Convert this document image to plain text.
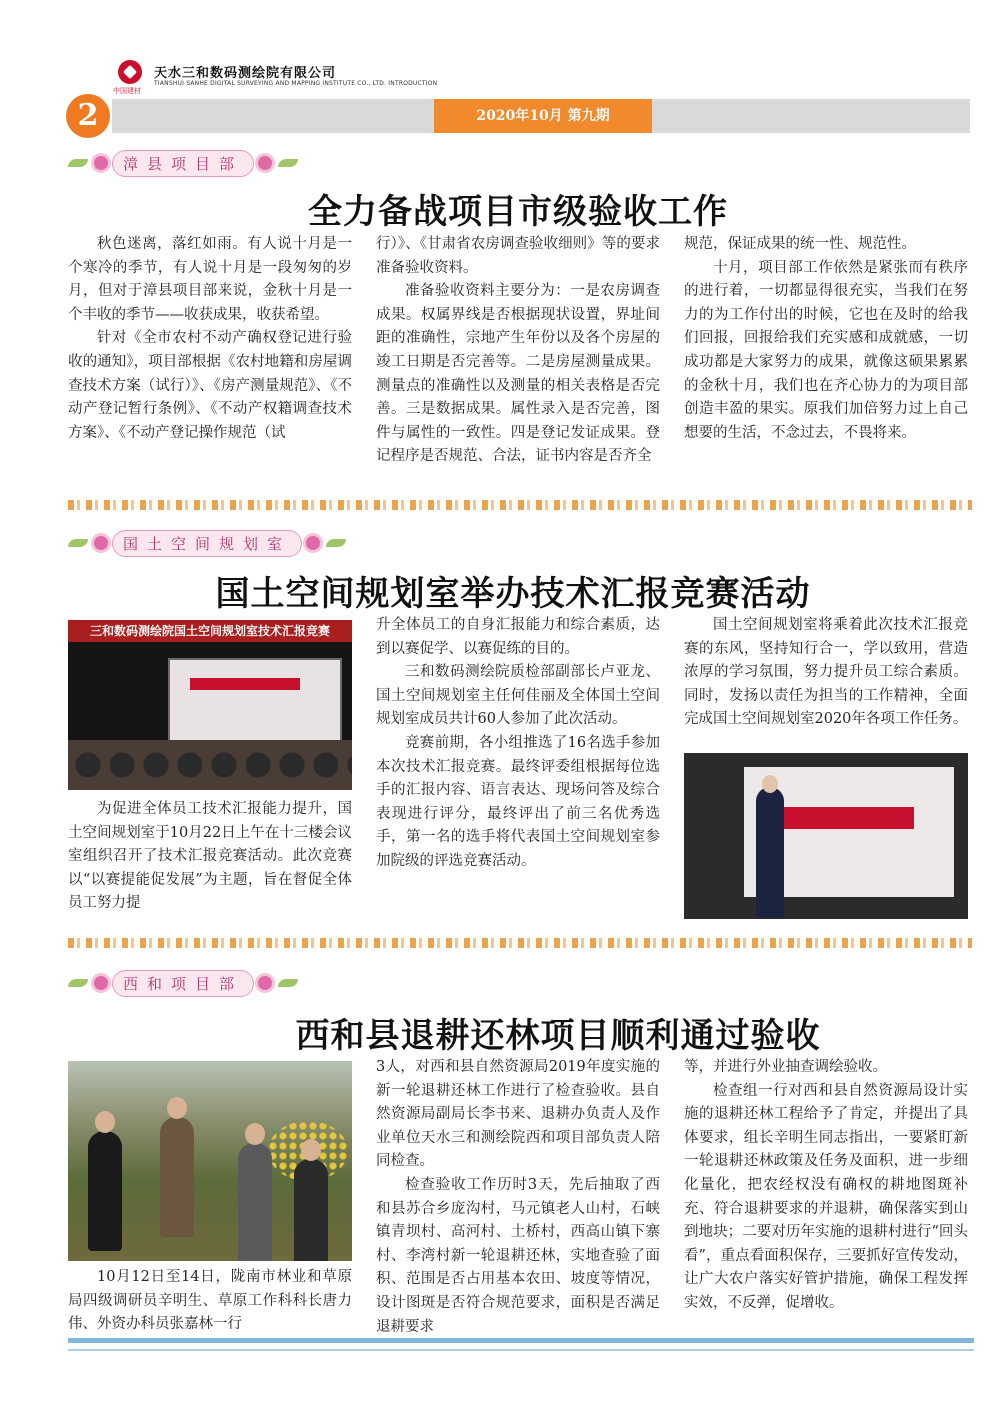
中国建材
天水三和数码测绘院有限公司
TIANSHUI SANHE DIGITAL SURVEYING AND MAPPING INSTITUTE CO., LTD. INTRODUCTION
2	2020年10月 第九期
漳县项目部
全力备战项目市级验收工作

秋色迷离，落红如雨。有人说十月是一个寒冷的季节，有人说十月是一段匆匆的岁月，但对于漳县项目部来说，金秋十月是一个丰收的季节——收获成果，收获希望。

针对《全市农村不动产确权登记进行验收的通知》，项目部根据《农村地籍和房屋调查技术方案（试行）》、《房产测量规范》、《不动产登记暂行条例》、《不动产权籍调查技术方案》、《不动产登记操作规范（试

行）》、《甘肃省农房调查验收细则》等的要求准备验收资料。

准备验收资料主要分为：一是农房调查成果。权属界线是否根据现状设置，界址间距的准确性，宗地产生年份以及各个房屋的竣工日期是否完善等。二是房屋测量成果。测量点的准确性以及测量的相关表格是否完善。三是数据成果。属性录入是否完善，图件与属性的一致性。四是登记发证成果。登记程序是否规范、合法，证书内容是否齐全

规范，保证成果的统一性、规范性。

十月，项目部工作依然是紧张而有秩序的进行着，一切都显得很充实，当我们在努力的为工作付出的时候，它也在及时的给我们回报，回报给我们充实感和成就感，一切成功都是大家努力的成果，就像这硕果累累的金秋十月，我们也在齐心协力的为项目部创造丰盈的果实。原我们加倍努力过上自己想要的生活，不念过去，不畏将来。

国土空间规划室
国土空间规划室举办技术汇报竞赛活动
三和数码测绘院国土空间规划室技术汇报竞赛

为促进全体员工技术汇报能力提升，国土空间规划室于10月22日上午在十三楼会议室组织召开了技术汇报竞赛活动。此次竞赛以“以赛提能促发展”为主题，旨在督促全体员工努力提

升全体员工的自身汇报能力和综合素质，达到以赛促学、以赛促练的目的。

三和数码测绘院质检部副部长卢亚龙、国土空间规划室主任何佳丽及全体国土空间规划室成员共计60人参加了此次活动。

竞赛前期，各小组推选了16名选手参加本次技术汇报竞赛。最终评委组根据每位选手的汇报内容、语言表达、现场问答及综合表现进行评分，最终评出了前三名优秀选手，第一名的选手将代表国土空间规划室参加院级的评选竞赛活动。

国土空间规划室将乘着此次技术汇报竞赛的东风，坚持知行合一，学以致用，营造浓厚的学习氛围，努力提升员工综合素质。同时，发扬以责任为担当的工作精神，全面完成国土空间规划室2020年各项工作任务。

西和项目部
西和县退耕还林项目顺利通过验收

10月12日至14日，陇南市林业和草原局四级调研员辛明生、草原工作科科长唐力伟、外资办科员张嘉林一行

3人，对西和县自然资源局2019年度实施的新一轮退耕还林工作进行了检查验收。县自然资源局副局长李书来、退耕办负责人及作业单位天水三和测绘院西和项目部负责人陪同检查。

检查验收工作历时3天，先后抽取了西和县苏合乡庞沟村，马元镇老人山村，石峡镇青坝村、高河村、土桥村，西高山镇下寨村、李湾村新一轮退耕还林，实地查验了面积、范围是否占用基本农田、坡度等情况，设计图斑是否符合规范要求，面积是否满足退耕要求

等，并进行外业抽查调绘验收。

检查组一行对西和县自然资源局设计实施的退耕还林工程给予了肯定，并提出了具体要求，组长辛明生同志指出，一要紧盯新一轮退耕还林政策及任务及面积，进一步细化量化，把农经权没有确权的耕地图斑补充、符合退耕要求的并退耕，确保落实到山到地块；二要对历年实施的退耕村进行“回头看”，重点看面积保存，三要抓好宣传发动，让广大农户落实好管护措施，确保工程发挥实效，不反弹，促增收。
